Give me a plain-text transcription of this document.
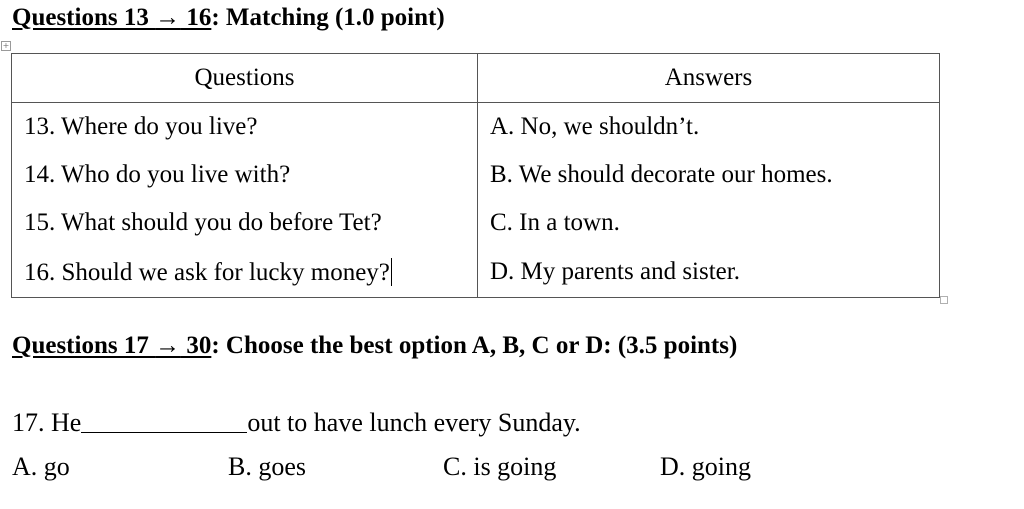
Questions 13 → 16: Matching (1.0 point)
+
Questions	Answers
13. Where do you live?	A. No, we shouldn’t.
14. Who do you live with?	B. We should decorate our homes.
15. What should you do before Tet?	C. In a town.
16. Should we ask for lucky money?	D. My parents and sister.
Questions 17 → 30: Choose the best option A, B, C or D: (3.5 points)
17. He	out to have lunch every Sunday.
A. go	B. goes	C. is going	D. going
